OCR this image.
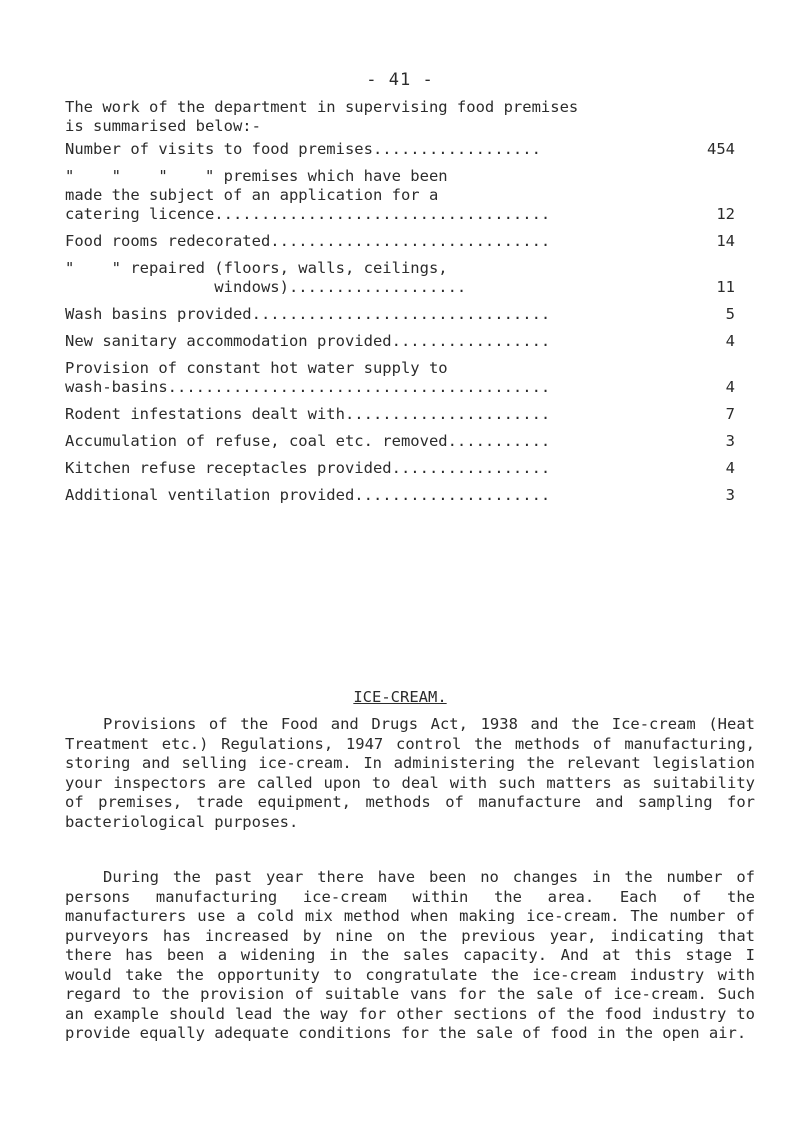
- 41 -
The work of the department in supervising food premises
is summarised below:-
Number of visits to food premises..................	454
"    "    "    " premises which have been
made the subject of an application for a
catering licence....................................	12
Food rooms redecorated..............................	14
"    " repaired (floors, walls, ceilings,
windows)...................	11
Wash basins provided................................	5
New sanitary accommodation provided.................	4
Provision of constant hot water supply to
wash-basins.........................................	4
Rodent infestations dealt with......................	7
Accumulation of refuse, coal etc. removed...........	3
Kitchen refuse receptacles provided.................	4
Additional ventilation provided.....................	3
ICE-CREAM.

Provisions of the Food and Drugs Act, 1938 and the Ice-cream (Heat Treatment etc.) Regulations, 1947 control the methods of manufacturing, storing and selling ice-cream. In administering the relevant legislation your inspectors are called upon to deal with such matters as suitability of premises, trade equipment, methods of manufacture and sampling for bacteriological purposes.

During the past year there have been no changes in the number of persons manufacturing ice-cream within the area. Each of the manufacturers use a cold mix method when making ice-cream. The number of purveyors has increased by nine on the previous year, indicating that there has been a widening in the sales capacity. And at this stage I would take the opportunity to congratulate the ice-cream industry with regard to the provision of suitable vans for the sale of ice-cream. Such an example should lead the way for other sections of the food industry to provide equally adequate conditions for the sale of food in the open air.
